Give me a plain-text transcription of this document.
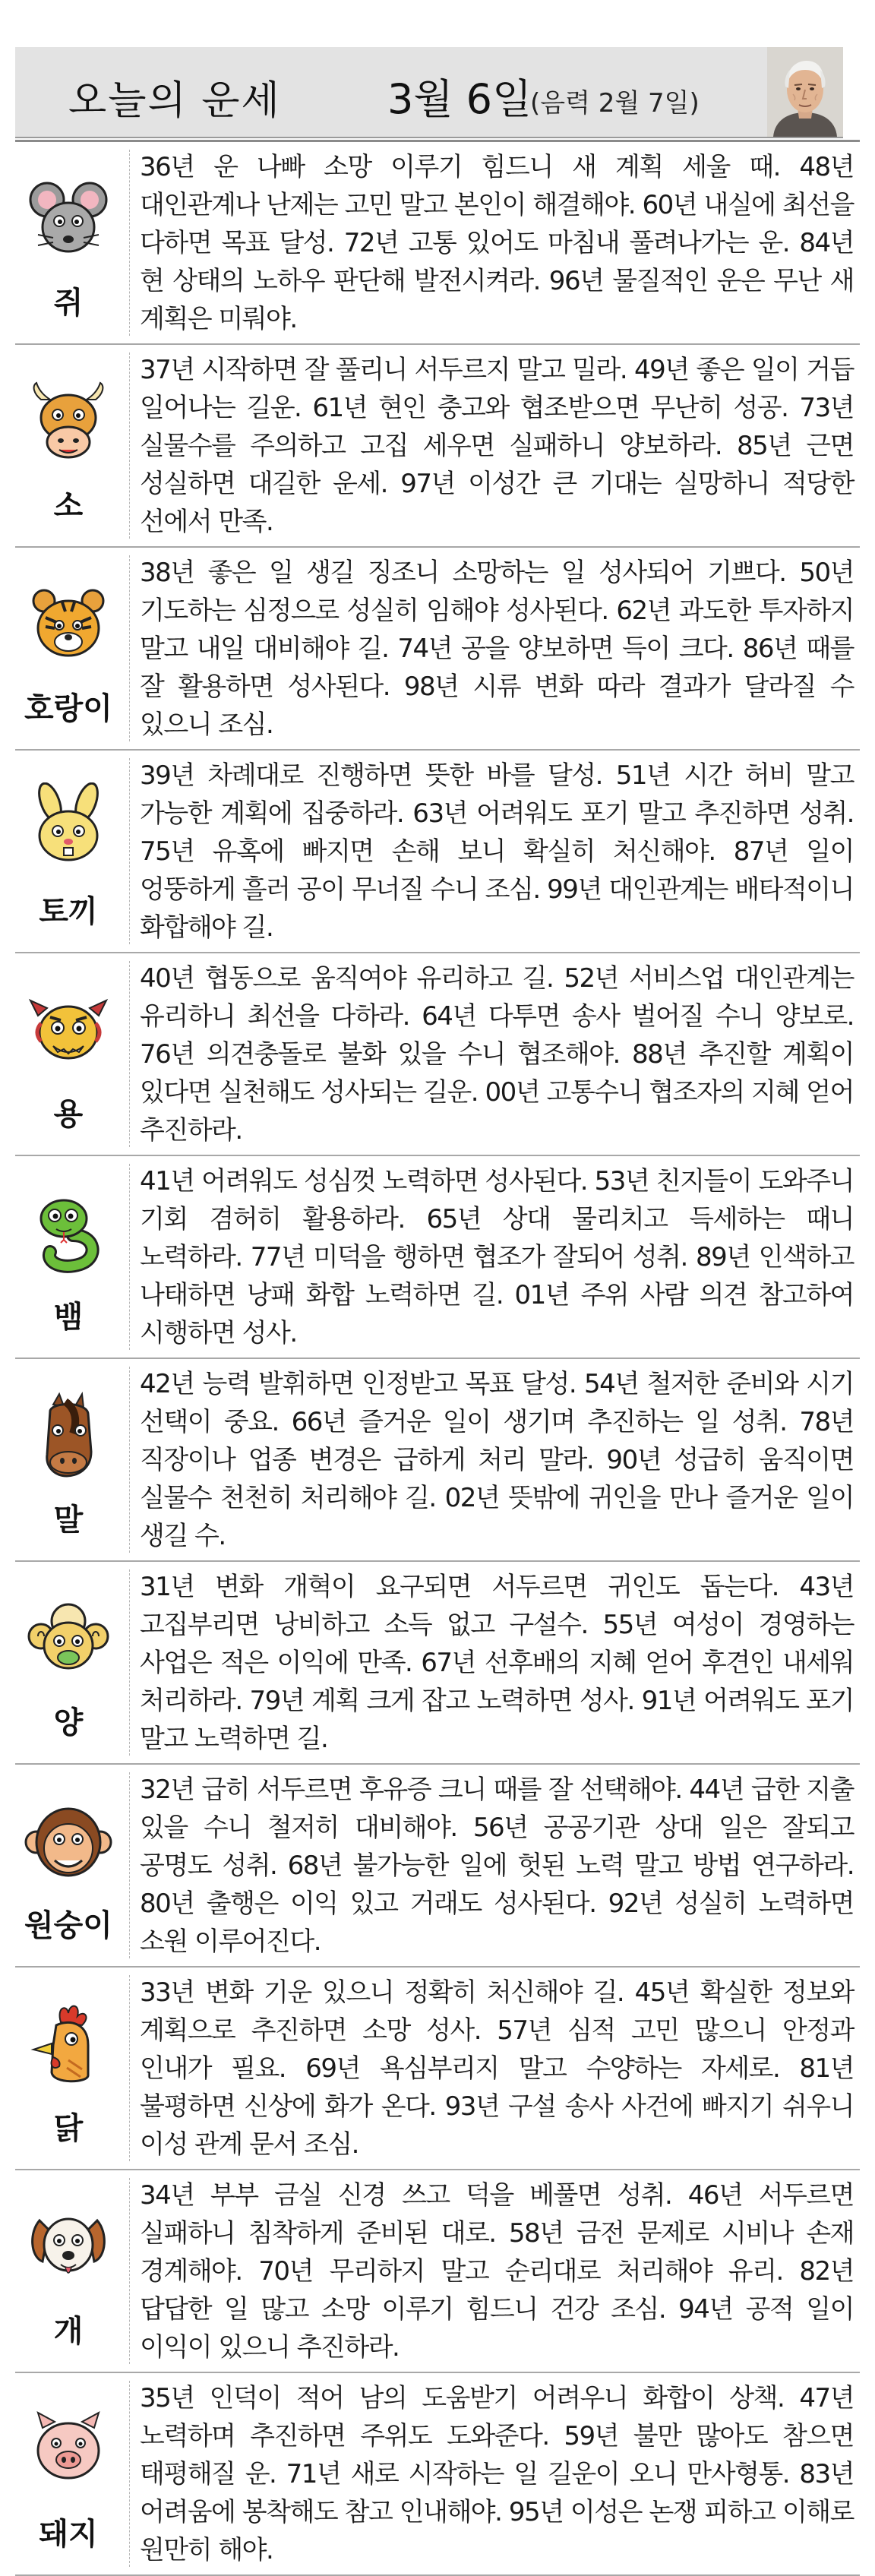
오늘의 운세	3월 6일
(음력 2월 7일)
쥐
36년 운 나빠 소망 이루기 힘드니 새 계획 세울 때. 48년 대인관계나 난제는 고민 말고 본인이 해결해야. 60년 내실에 최선을 다하면 목표 달성. 72년 고통 있어도 마침내 풀려나가는 운. 84년 현 상태의 노하우 판단해 발전시켜라. 96년 물질적인 운은 무난 새 계획은 미뤄야.
소
37년 시작하면 잘 풀리니 서두르지 말고 밀라. 49년 좋은 일이 거듭 일어나는 길운. 61년 현인 충고와 협조받으면 무난히 성공. 73년 실물수를 주의하고 고집 세우면 실패하니 양보하라. 85년 근면 성실하면 대길한 운세. 97년 이성간 큰 기대는 실망하니 적당한 선에서 만족.
호랑이
38년 좋은 일 생길 징조니 소망하는 일 성사되어 기쁘다. 50년 기도하는 심정으로 성실히 임해야 성사된다. 62년 과도한 투자하지 말고 내일 대비해야 길. 74년 공을 양보하면 득이 크다. 86년 때를 잘 활용하면 성사된다. 98년 시류 변화 따라 결과가 달라질 수 있으니 조심.
토끼
39년 차례대로 진행하면 뜻한 바를 달성. 51년 시간 허비 말고 가능한 계획에 집중하라. 63년 어려워도 포기 말고 추진하면 성취. 75년 유혹에 빠지면 손해 보니 확실히 처신해야. 87년 일이 엉뚱하게 흘러 공이 무너질 수니 조심. 99년 대인관계는 배타적이니 화합해야 길.
용
40년 협동으로 움직여야 유리하고 길. 52년 서비스업 대인관계는 유리하니 최선을 다하라. 64년 다투면 송사 벌어질 수니 양보로. 76년 의견충돌로 불화 있을 수니 협조해야. 88년 추진할 계획이 있다면 실천해도 성사되는 길운. 00년 고통수니 협조자의 지혜 얻어 추진하라.
뱀
41년 어려워도 성심껏 노력하면 성사된다. 53년 친지들이 도와주니 기회 겸허히 활용하라. 65년 상대 물리치고 득세하는 때니 노력하라. 77년 미덕을 행하면 협조가 잘되어 성취. 89년 인색하고 나태하면 낭패 화합 노력하면 길. 01년 주위 사람 의견 참고하여 시행하면 성사.
말
42년 능력 발휘하면 인정받고 목표 달성. 54년 철저한 준비와 시기 선택이 중요. 66년 즐거운 일이 생기며 추진하는 일 성취. 78년 직장이나 업종 변경은 급하게 처리 말라. 90년 성급히 움직이면 실물수 천천히 처리해야 길. 02년 뜻밖에 귀인을 만나 즐거운 일이 생길 수.
양
31년 변화 개혁이 요구되면 서두르면 귀인도 돕는다. 43년 고집부리면 낭비하고 소득 없고 구설수. 55년 여성이 경영하는 사업은 적은 이익에 만족. 67년 선후배의 지혜 얻어 후견인 내세워 처리하라. 79년 계획 크게 잡고 노력하면 성사. 91년 어려워도 포기 말고 노력하면 길.
원숭이
32년 급히 서두르면 후유증 크니 때를 잘 선택해야. 44년 급한 지출 있을 수니 철저히 대비해야. 56년 공공기관 상대 일은 잘되고 공명도 성취. 68년 불가능한 일에 헛된 노력 말고 방법 연구하라. 80년 출행은 이익 있고 거래도 성사된다. 92년 성실히 노력하면 소원 이루어진다.
닭
33년 변화 기운 있으니 정확히 처신해야 길. 45년 확실한 정보와 계획으로 추진하면 소망 성사. 57년 심적 고민 많으니 안정과 인내가 필요. 69년 욕심부리지 말고 수양하는 자세로. 81년 불평하면 신상에 화가 온다. 93년 구설 송사 사건에 빠지기 쉬우니 이성 관계 문서 조심.
개
34년 부부 금실 신경 쓰고 덕을 베풀면 성취. 46년 서두르면 실패하니 침착하게 준비된 대로. 58년 금전 문제로 시비나 손재 경계해야. 70년 무리하지 말고 순리대로 처리해야 유리. 82년 답답한 일 많고 소망 이루기 힘드니 건강 조심. 94년 공적 일이 이익이 있으니 추진하라.
돼지
35년 인덕이 적어 남의 도움받기 어려우니 화합이 상책. 47년 노력하며 추진하면 주위도 도와준다. 59년 불만 많아도 참으면 태평해질 운. 71년 새로 시작하는 일 길운이 오니 만사형통. 83년 어려움에 봉착해도 참고 인내해야. 95년 이성은 논쟁 피하고 이해로 원만히 해야.
